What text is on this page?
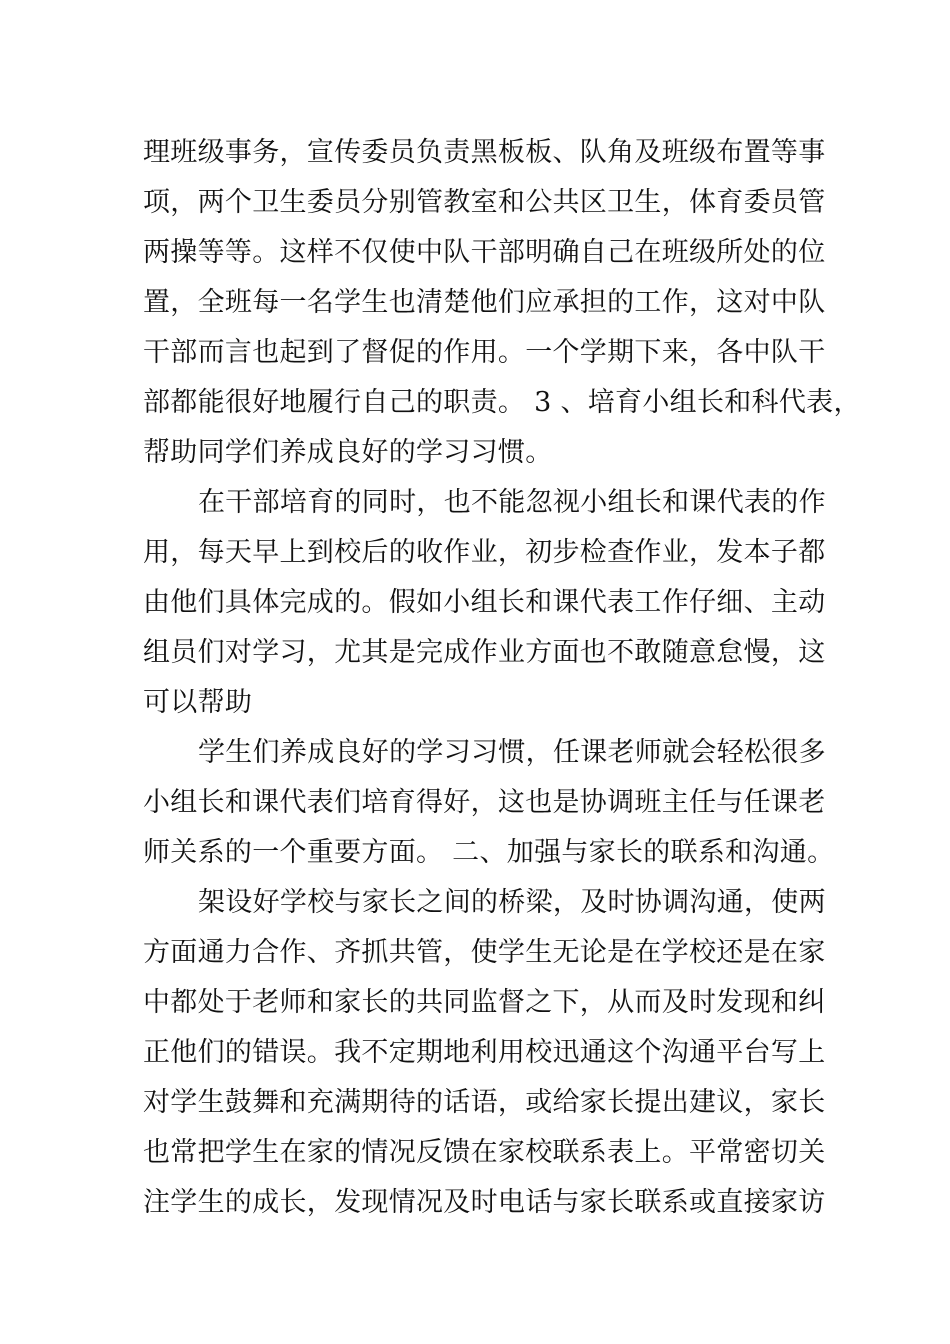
理班级事务，宣传委员负责黑板板、队角及班级布置等事
项，两个卫生委员分别管教室和公共区卫生，体育委员管
两操等等。这样不仅使中队干部明确自己在班级所处的位
置，全班每一名学生也清楚他们应承担的工作，这对中队
干部而言也起到了督促的作用。一个学期下来，各中队干
部都能很好地履行自己的职责。 3 、培育小组长和科代表，
帮助同学们养成良好的学习习惯。
在干部培育的同时，也不能忽视小组长和课代表的作
用，每天早上到校后的收作业，初步检查作业，发本子都
由他们具体完成的。假如小组长和课代表工作仔细、主动
组员们对学习，尤其是完成作业方面也不敢随意怠慢，这
可以帮助
学生们养成良好的学习习惯，任课老师就会轻松很多
小组长和课代表们培育得好，这也是协调班主任与任课老
师关系的一个重要方面。 二、加强与家长的联系和沟通。
架设好学校与家长之间的桥梁，及时协调沟通，使两
方面通力合作、齐抓共管，使学生无论是在学校还是在家
中都处于老师和家长的共同监督之下，从而及时发现和纠
正他们的错误。我不定期地利用校迅通这个沟通平台写上
对学生鼓舞和充满期待的话语，或给家长提出建议，家长
也常把学生在家的情况反馈在家校联系表上。平常密切关
注学生的成长，发现情况及时电话与家长联系或直接家访
